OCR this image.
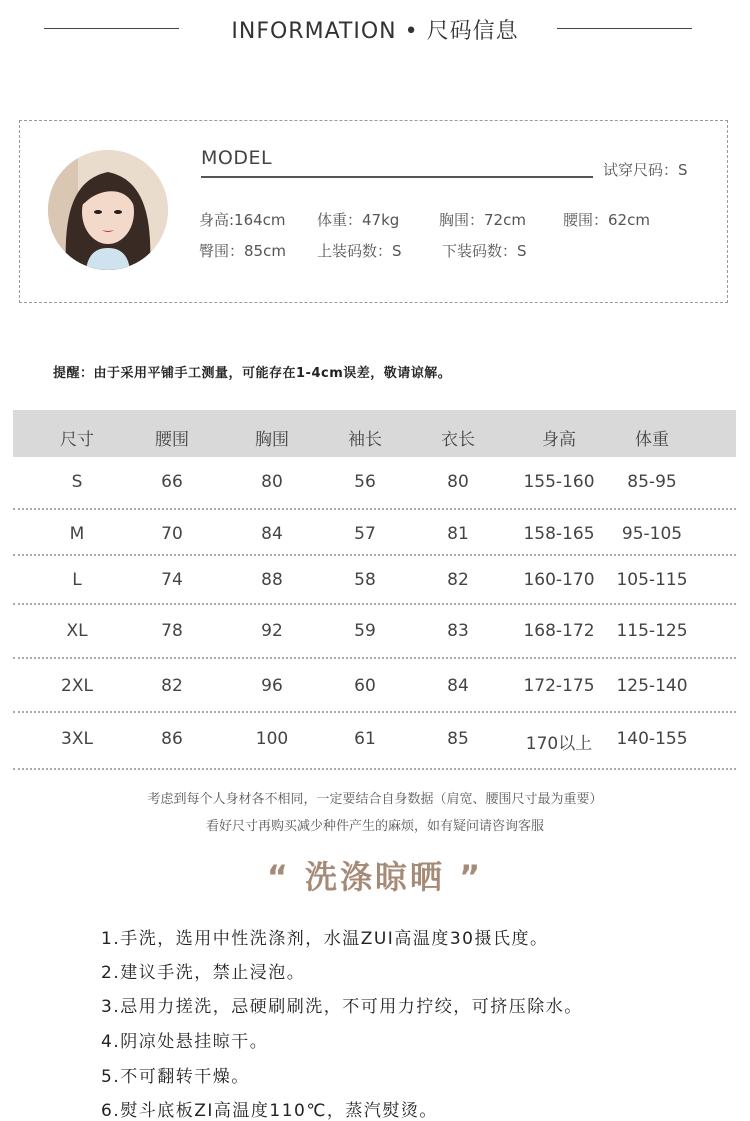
INFORMATION • 尺码信息
MODEL
试穿尺码：S
身高:164cm 体重：47kg	胸围：72cm 腰围：62cm
臀围：85cm 上装码数：S	下装码数：S
提醒：由于采用平铺手工测量，可能存在1-4cm误差，敬请谅解。
尺寸	腰围	胸围	袖长	衣长	身高	体重
S	66	80	56	80	155-160	85-95
M	70	84	57	81	158-165	95-105
L	74	88	58	82	160-170	105-115
XL	78	92	59	83	168-172	115-125
2XL	82	96	60	84	172-175	125-140
3XL	86	100	61	85	170以上	140-155
考虑到每个人身材各不相同，一定要结合自身数据（肩宽、腰围尺寸最为重要）
看好尺寸再购买减少种件产生的麻烦，如有疑问请咨询客服
“ 洗涤晾晒 ”
1.手洗，选用中性洗涤剂，水温ZUI高温度30摄氏度。
2.建议手洗，禁止浸泡。
3.忌用力搓洗，忌硬刷刷洗，不可用力拧绞，可挤压除水。
4.阴凉处悬挂晾干。
5.不可翻转干燥。
6.熨斗底板ZI高温度110℃，蒸汽熨烫。
